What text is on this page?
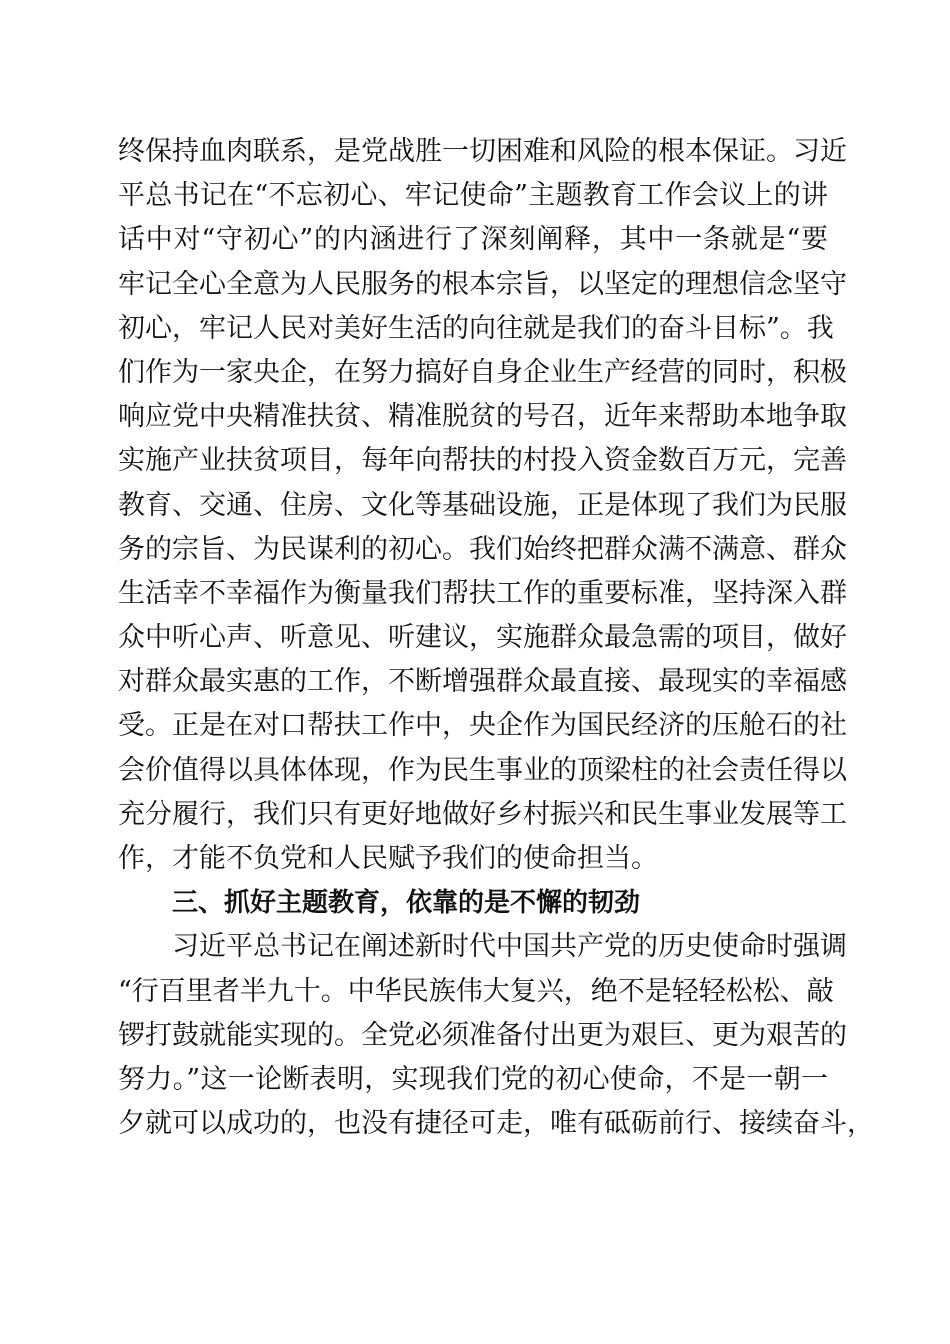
终保持血肉联系，是党战胜一切困难和风险的根本保证。习近
平总书记在“不忘初心、牢记使命”主题教育工作会议上的讲
话中对“守初心”的内涵进行了深刻阐释，其中一条就是“要
牢记全心全意为人民服务的根本宗旨，以坚定的理想信念坚守
初心，牢记人民对美好生活的向往就是我们的奋斗目标”。我
们作为一家央企，在努力搞好自身企业生产经营的同时，积极
响应党中央精准扶贫、精准脱贫的号召，近年来帮助本地争取
实施产业扶贫项目，每年向帮扶的村投入资金数百万元，完善
教育、交通、住房、文化等基础设施，正是体现了我们为民服
务的宗旨、为民谋利的初心。我们始终把群众满不满意、群众
生活幸不幸福作为衡量我们帮扶工作的重要标准，坚持深入群
众中听心声、听意见、听建议，实施群众最急需的项目，做好
对群众最实惠的工作，不断增强群众最直接、最现实的幸福感
受。正是在对口帮扶工作中，央企作为国民经济的压舱石的社
会价值得以具体体现，作为民生事业的顶梁柱的社会责任得以
充分履行，我们只有更好地做好乡村振兴和民生事业发展等工
作，才能不负党和人民赋予我们的使命担当。
三、抓好主题教育，依靠的是不懈的韧劲
习近平总书记在阐述新时代中国共产党的历史使命时强调
“行百里者半九十。中华民族伟大复兴，绝不是轻轻松松、敲
锣打鼓就能实现的。全党必须准备付出更为艰巨、更为艰苦的
努力。”这一论断表明，实现我们党的初心使命，不是一朝一
夕就可以成功的，也没有捷径可走，唯有砥砺前行、接续奋斗，
